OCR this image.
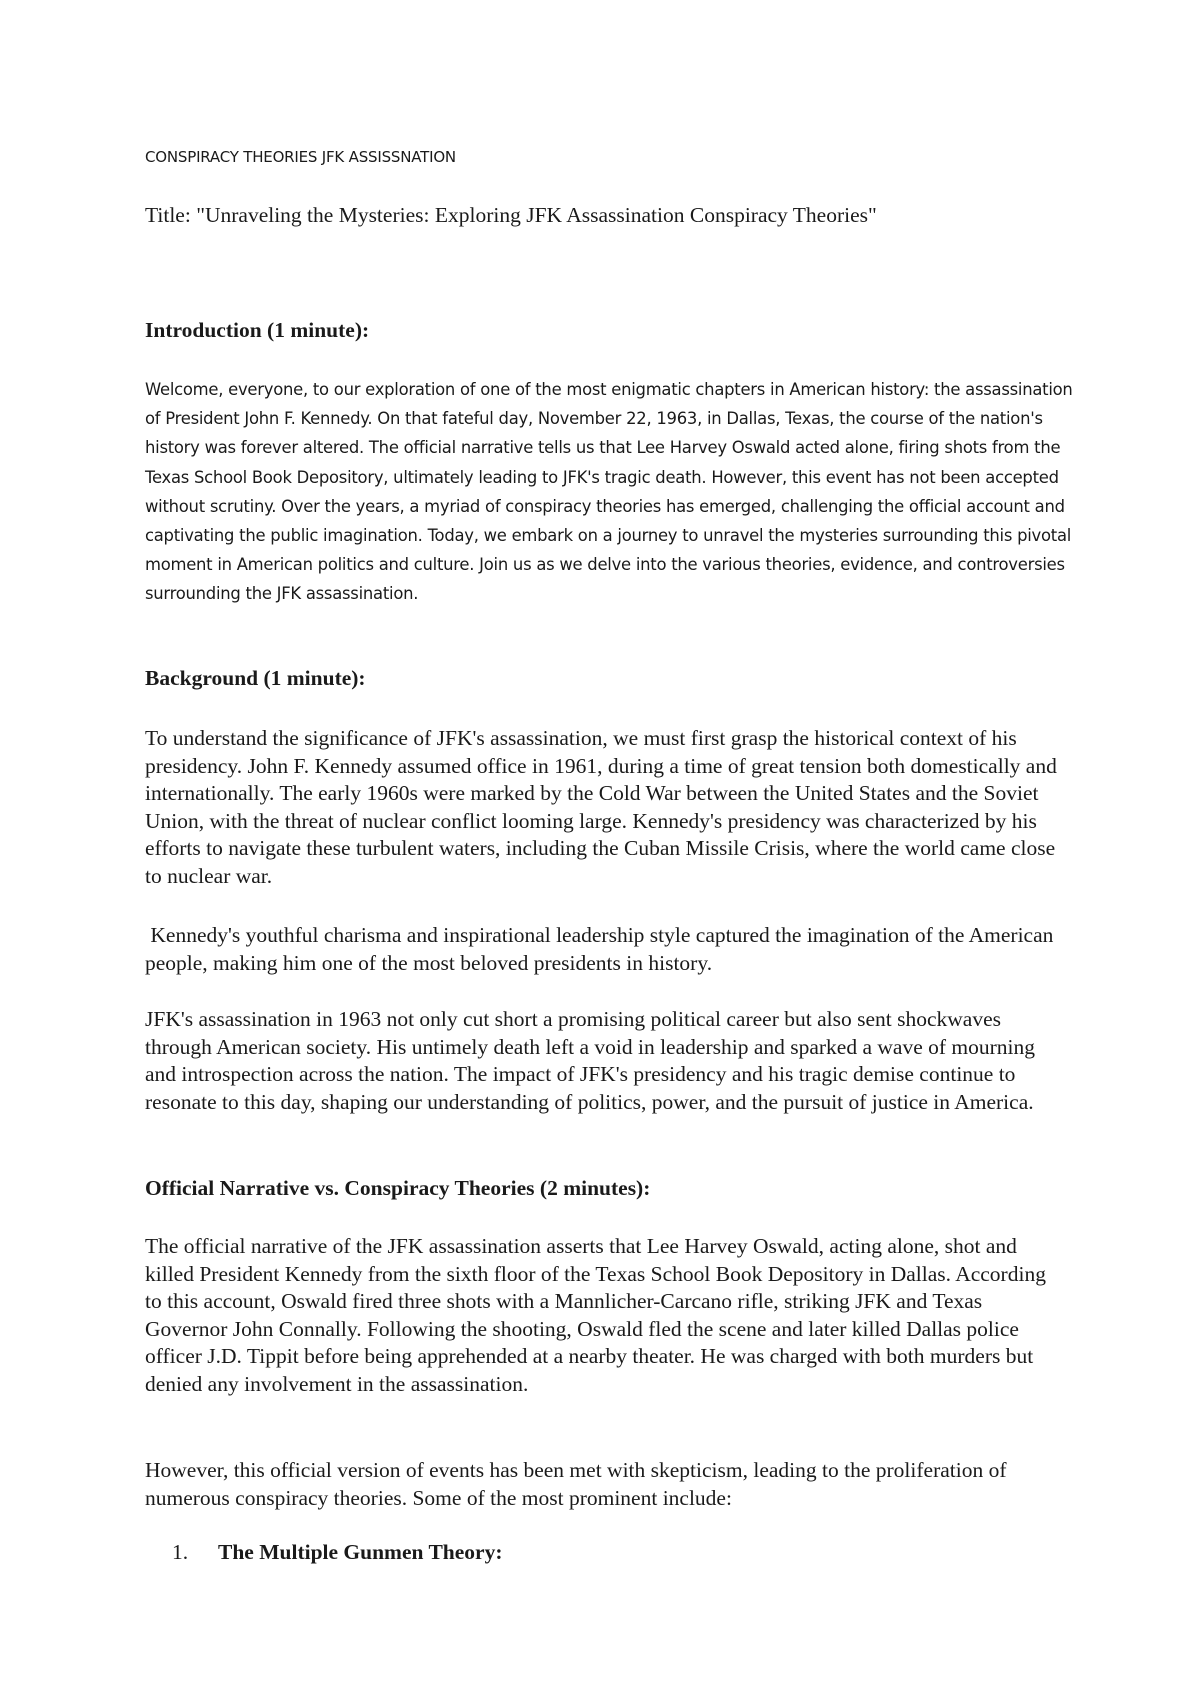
CONSPIRACY THEORIES JFK ASSISSNATION

Title: "Unraveling the Mysteries: Exploring JFK Assassination Conspiracy Theories"

Introduction (1 minute):

Welcome, everyone, to our exploration of one of the most enigmatic chapters in American history: the assassination of President John F. Kennedy. On that fateful day, November 22, 1963, in Dallas, Texas, the course of the nation's history was forever altered. The official narrative tells us that Lee Harvey Oswald acted alone, firing shots from the Texas School Book Depository, ultimately leading to JFK's tragic death. However, this event has not been accepted without scrutiny. Over the years, a myriad of conspiracy theories has emerged, challenging the official account and captivating the public imagination. Today, we embark on a journey to unravel the mysteries surrounding this pivotal moment in American politics and culture. Join us as we delve into the various theories, evidence, and controversies surrounding the JFK assassination.

Background (1 minute):

To understand the significance of JFK's assassination, we must first grasp the historical context of his presidency. John F. Kennedy assumed office in 1961, during a time of great tension both domestically and internationally. The early 1960s were marked by the Cold War between the United States and the Soviet Union, with the threat of nuclear conflict looming large. Kennedy's presidency was characterized by his efforts to navigate these turbulent waters, including the Cuban Missile Crisis, where the world came close to nuclear war.

Kennedy's youthful charisma and inspirational leadership style captured the imagination of the American people, making him one of the most beloved presidents in history.

JFK's assassination in 1963 not only cut short a promising political career but also sent shockwaves through American society. His untimely death left a void in leadership and sparked a wave of mourning and introspection across the nation. The impact of JFK's presidency and his tragic demise continue to resonate to this day, shaping our understanding of politics, power, and the pursuit of justice in America.

Official Narrative vs. Conspiracy Theories (2 minutes):

The official narrative of the JFK assassination asserts that Lee Harvey Oswald, acting alone, shot and killed President Kennedy from the sixth floor of the Texas School Book Depository in Dallas. According to this account, Oswald fired three shots with a Mannlicher-Carcano rifle, striking JFK and Texas Governor John Connally. Following the shooting, Oswald fled the scene and later killed Dallas police officer J.D. Tippit before being apprehended at a nearby theater. He was charged with both murders but denied any involvement in the assassination.

However, this official version of events has been met with skepticism, leading to the proliferation of numerous conspiracy theories. Some of the most prominent include:

1.	The Multiple Gunmen Theory:
